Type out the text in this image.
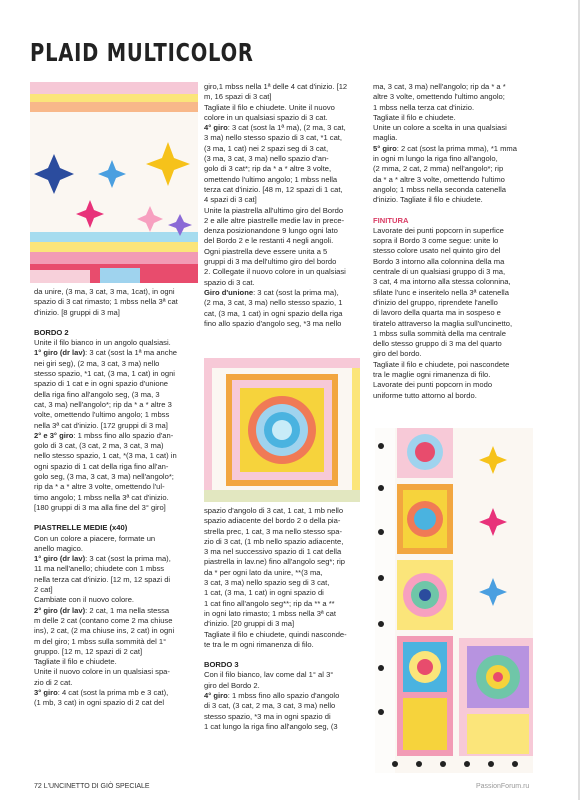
PLAID MULTICOLOR

da unire, (3 ma, 3 cat, 3 ma, 1cat), in ogni

spazio di 3 cat rimasto; 1 mbss nella 3ª cat

d'inizio. [8 gruppi di 3 ma]

BORDO 2

Unite il filo bianco in un angolo qualsiasi.

1° giro (dr lav): 3 cat (sost la 1ª ma anche

nei giri seg), (2 ma, 3 cat, 3 ma) nello

stesso spazio, *1 cat, (3 ma, 1 cat) in ogni

spazio di 1 cat e in ogni spazio d'unione

della riga fino all'angolo seg, (3 ma, 3

cat, 3 ma) nell'angolo*; rip da * a * altre 3

volte, omettendo l'ultimo angolo; 1 mbss

nella 3ª cat d'inizio. [172 gruppi di 3 ma]

2° e 3° giro: 1 mbss fino allo spazio d'an-

golo di 3 cat, (3 cat, 2 ma, 3 cat, 3 ma)

nello stesso spazio, 1 cat, *(3 ma, 1 cat) in

ogni spazio di 1 cat della riga fino all'an-

golo seg, (3 ma, 3 cat, 3 ma) nell'angolo*;

rip da * a * altre 3 volte, omettendo l'ul-

timo angolo; 1 mbss nella 3ª cat d'inizio.

[180 gruppi di 3 ma alla fine del 3° giro]

PIASTRELLE MEDIE (x40)

Con un colore a piacere, formate un

anello magico.

1° giro (dr lav): 3 cat (sost la prima ma),

11 ma nell'anello; chiudete con 1 mbss

nella terza cat d'inizio. [12 m, 12 spazi di

2 cat]

Cambiate con il nuovo colore.

2° giro (dr lav): 2 cat, 1 ma nella stessa

m delle 2 cat (contano come 2 ma chiuse

ins), 2 cat, (2 ma chiuse ins, 2 cat) in ogni

m del giro; 1 mbss sulla sommità del 1°

gruppo. [12 m, 12 spazi di 2 cat]

Tagliate il filo e chiudete.

Unite il nuovo colore in un qualsiasi spa-

zio di 2 cat.

3° giro: 4 cat (sost la prima mb e 3 cat),

(1 mb, 3 cat) in ogni spazio di 2 cat del

giro,1 mbss nella 1ª delle 4 cat d'inizio. [12

m, 16 spazi di 3 cat]

Tagliate il filo e chiudete. Unite il nuovo

colore in un qualsiasi spazio di 3 cat.

4° giro: 3 cat (sost la 1ª ma), (2 ma, 3 cat,

3 ma) nello stesso spazio di 3 cat, *1 cat,

(3 ma, 1 cat) nei 2 spazi seg di 3 cat,

(3 ma, 3 cat, 3 ma) nello spazio d'an-

golo di 3 cat*; rip da * a * altre 3 volte,

omettendo l'ultimo angolo; 1 mbss nella

terza cat d'inizio. [48 m, 12 spazi di 1 cat,

4 spazi di 3 cat]

Unite la piastrella all'ultimo giro del Bordo

2 e alle altre piastrelle medie lav in prece-

denza posizionandone 9 lungo ogni lato

del Bordo 2 e le restanti 4 negli angoli.

Ogni piastrella deve essere unita a 5

gruppi di 3 ma dell'ultimo giro del bordo

2. Collegate il nuovo colore in un qualsiasi

spazio di 3 cat.

Giro d'unione: 3 cat (sost la prima ma),

(2 ma, 3 cat, 3 ma) nello stesso spazio, 1

cat, (3 ma, 1 cat) in ogni spazio della riga

fino allo spazio d'angolo seg, *3 ma nello

spazio d'angolo di 3 cat, 1 cat, 1 mb nello

spazio adiacente del bordo 2 o della pia-

strella prec, 1 cat, 3 ma nello stesso spa-

zio di 3 cat, (1 mb nello spazio adiacente,

3 ma nel successivo spazio di 1 cat della

piastrella in lav.ne) fino all'angolo seg*; rip

da * per ogni lato da unire, **(3 ma,

3 cat, 3 ma) nello spazio seg di 3 cat,

1 cat, (3 ma, 1 cat) in ogni spazio di

1 cat fino all'angolo seg**; rip da ** a **

in ogni lato rimasto; 1 mbss nella 3ª cat

d'inizio. [20 gruppi di 3 ma]

Tagliate il filo e chiudete, quindi nasconde-

te tra le m ogni rimanenza di filo.

BORDO 3

Con il filo bianco, lav come dal 1° al 3°

giro del Bordo 2.

4° giro: 1 mbss fino allo spazio d'angolo

di 3 cat, (3 cat, 2 ma, 3 cat, 3 ma) nello

stesso spazio, *3 ma in ogni spazio di

1 cat lungo la riga fino all'angolo seg, (3

ma, 3 cat, 3 ma) nell'angolo; rip da * a *

altre 3 volte, omettendo l'ultimo angolo;

1 mbss nella terza cat d'inizio.

Tagliate il filo e chiudete.

Unite un colore a scelta in una qualsiasi

maglia.

5° giro: 2 cat (sost la prima mma), *1 mma

in ogni m lungo la riga fino all'angolo,

(2 mma, 2 cat, 2 mma) nell'angolo*; rip

da * a * altre 3 volte, omettendo l'ultimo

angolo; 1 mbss nella seconda catenella

d'inizio. Tagliate il filo e chiudete.

FINITURA

Lavorate dei punti popcorn in superfice

sopra il Bordo 3 come segue: unite lo

stesso colore usato nel quinto giro del

Bordo 3 intorno alla colonnina della ma

centrale di un qualsiasi gruppo di 3 ma,

3 cat, 4 ma intorno alla stessa colonnina,

sfilate l'unc e inseritelo nella 3ª catenella

d'inizio del gruppo, riprendete l'anello

di lavoro della quarta ma in sospeso e

tiratelo attraverso la maglia sull'uncinetto,

1 mbss sulla sommità della ma centrale

dello stesso gruppo di 3 ma del quarto

giro del bordo.

Tagliate il filo e chiudete, poi nascondete

tra le maglie ogni rimanenza di filo.

Lavorate dei punti popcorn in modo

uniforme tutto attorno al bordo.

72 L'UNCINETTO DI GIÒ SPECIALE	PassionForum.ru
